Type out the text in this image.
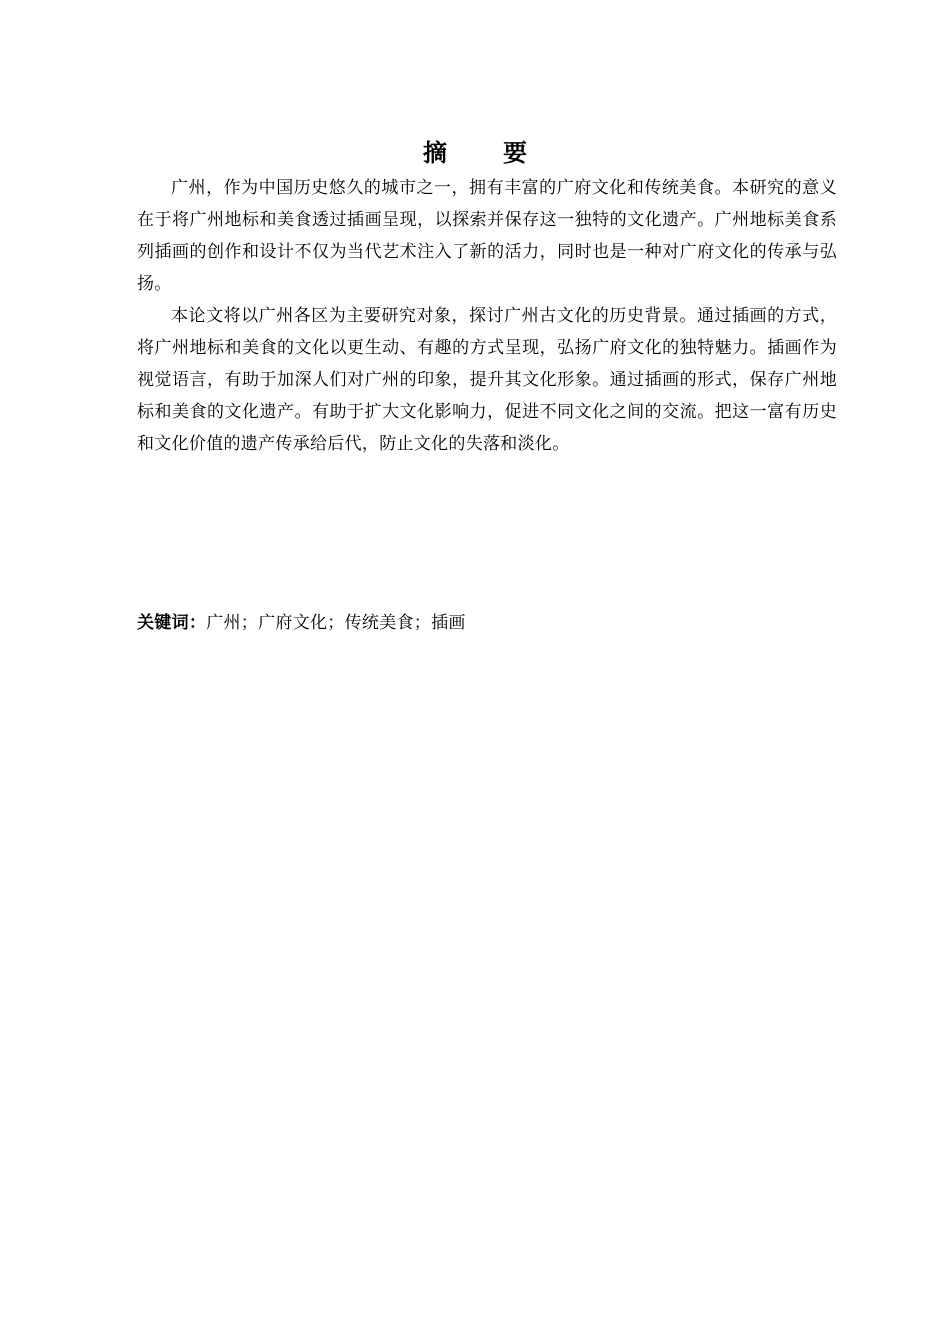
摘　要

广州，作为中国历史悠久的城市之一，拥有丰富的广府文化和传统美食。本研究的意义在于将广州地标和美食透过插画呈现，以探索并保存这一独特的文化遗产。广州地标美食系列插画的创作和设计不仅为当代艺术注入了新的活力，同时也是一种对广府文化的传承与弘扬。

本论文将以广州各区为主要研究对象，探讨广州古文化的历史背景。通过插画的方式，将广州地标和美食的文化以更生动、有趣的方式呈现，弘扬广府文化的独特魅力。插画作为视觉语言，有助于加深人们对广州的印象，提升其文化形象。通过插画的形式，保存广州地标和美食的文化遗产。有助于扩大文化影响力，促进不同文化之间的交流。把这一富有历史和文化价值的遗产传承给后代，防止文化的失落和淡化。

关键词：广州；广府文化；传统美食；插画
